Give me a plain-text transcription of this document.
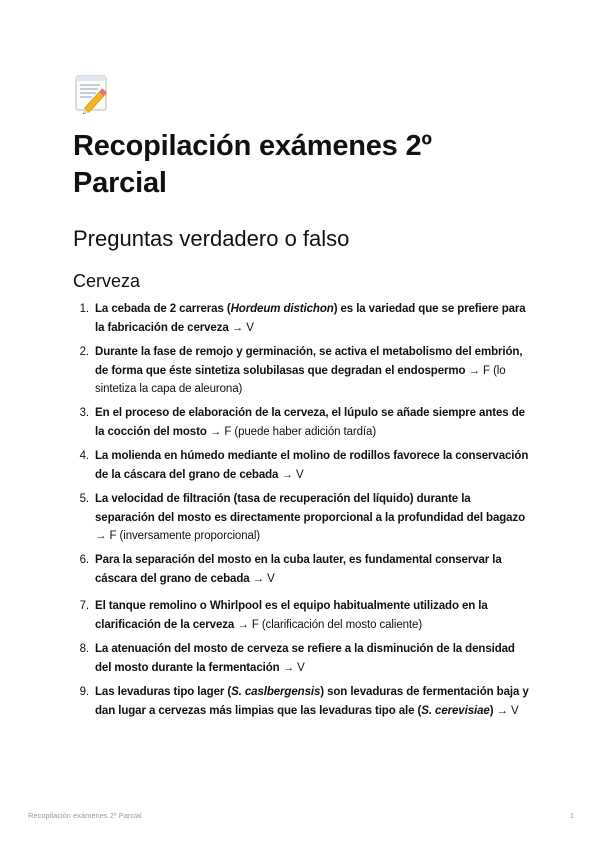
Recopilación exámenes 2º Parcial
Preguntas verdadero o falso
Cerveza
1. La cebada de 2 carreras (Hordeum distichon) es la variedad que se prefiere para la fabricación de cerveza → V
2. Durante la fase de remojo y germinación, se activa el metabolismo del embrión, de forma que éste sintetiza solubilasas que degradan el endospermo → F (lo sintetiza la capa de aleurona)
3. En el proceso de elaboración de la cerveza, el lúpulo se añade siempre antes de la cocción del mosto → F (puede haber adición tardía)
4. La molienda en húmedo mediante el molino de rodillos favorece la conservación de la cáscara del grano de cebada → V
5. La velocidad de filtración (tasa de recuperación del líquido) durante la separación del mosto es directamente proporcional a la profundidad del bagazo → F (inversamente proporcional)
6. Para la separación del mosto en la cuba lauter, es fundamental conservar la cáscara del grano de cebada → V
7. El tanque remolino o Whirlpool es el equipo habitualmente utilizado en la clarificación de la cerveza → F (clarificación del mosto caliente)
8. La atenuación del mosto de cerveza se refiere a la disminución de la densidad del mosto durante la fermentación → V
9. Las levaduras tipo lager (S. caslbergensis) son levaduras de fermentación baja y dan lugar a cervezas más limpias que las levaduras tipo ale (S. cerevisiae) → V
Recopilación exámenes 2º Parcial	1
